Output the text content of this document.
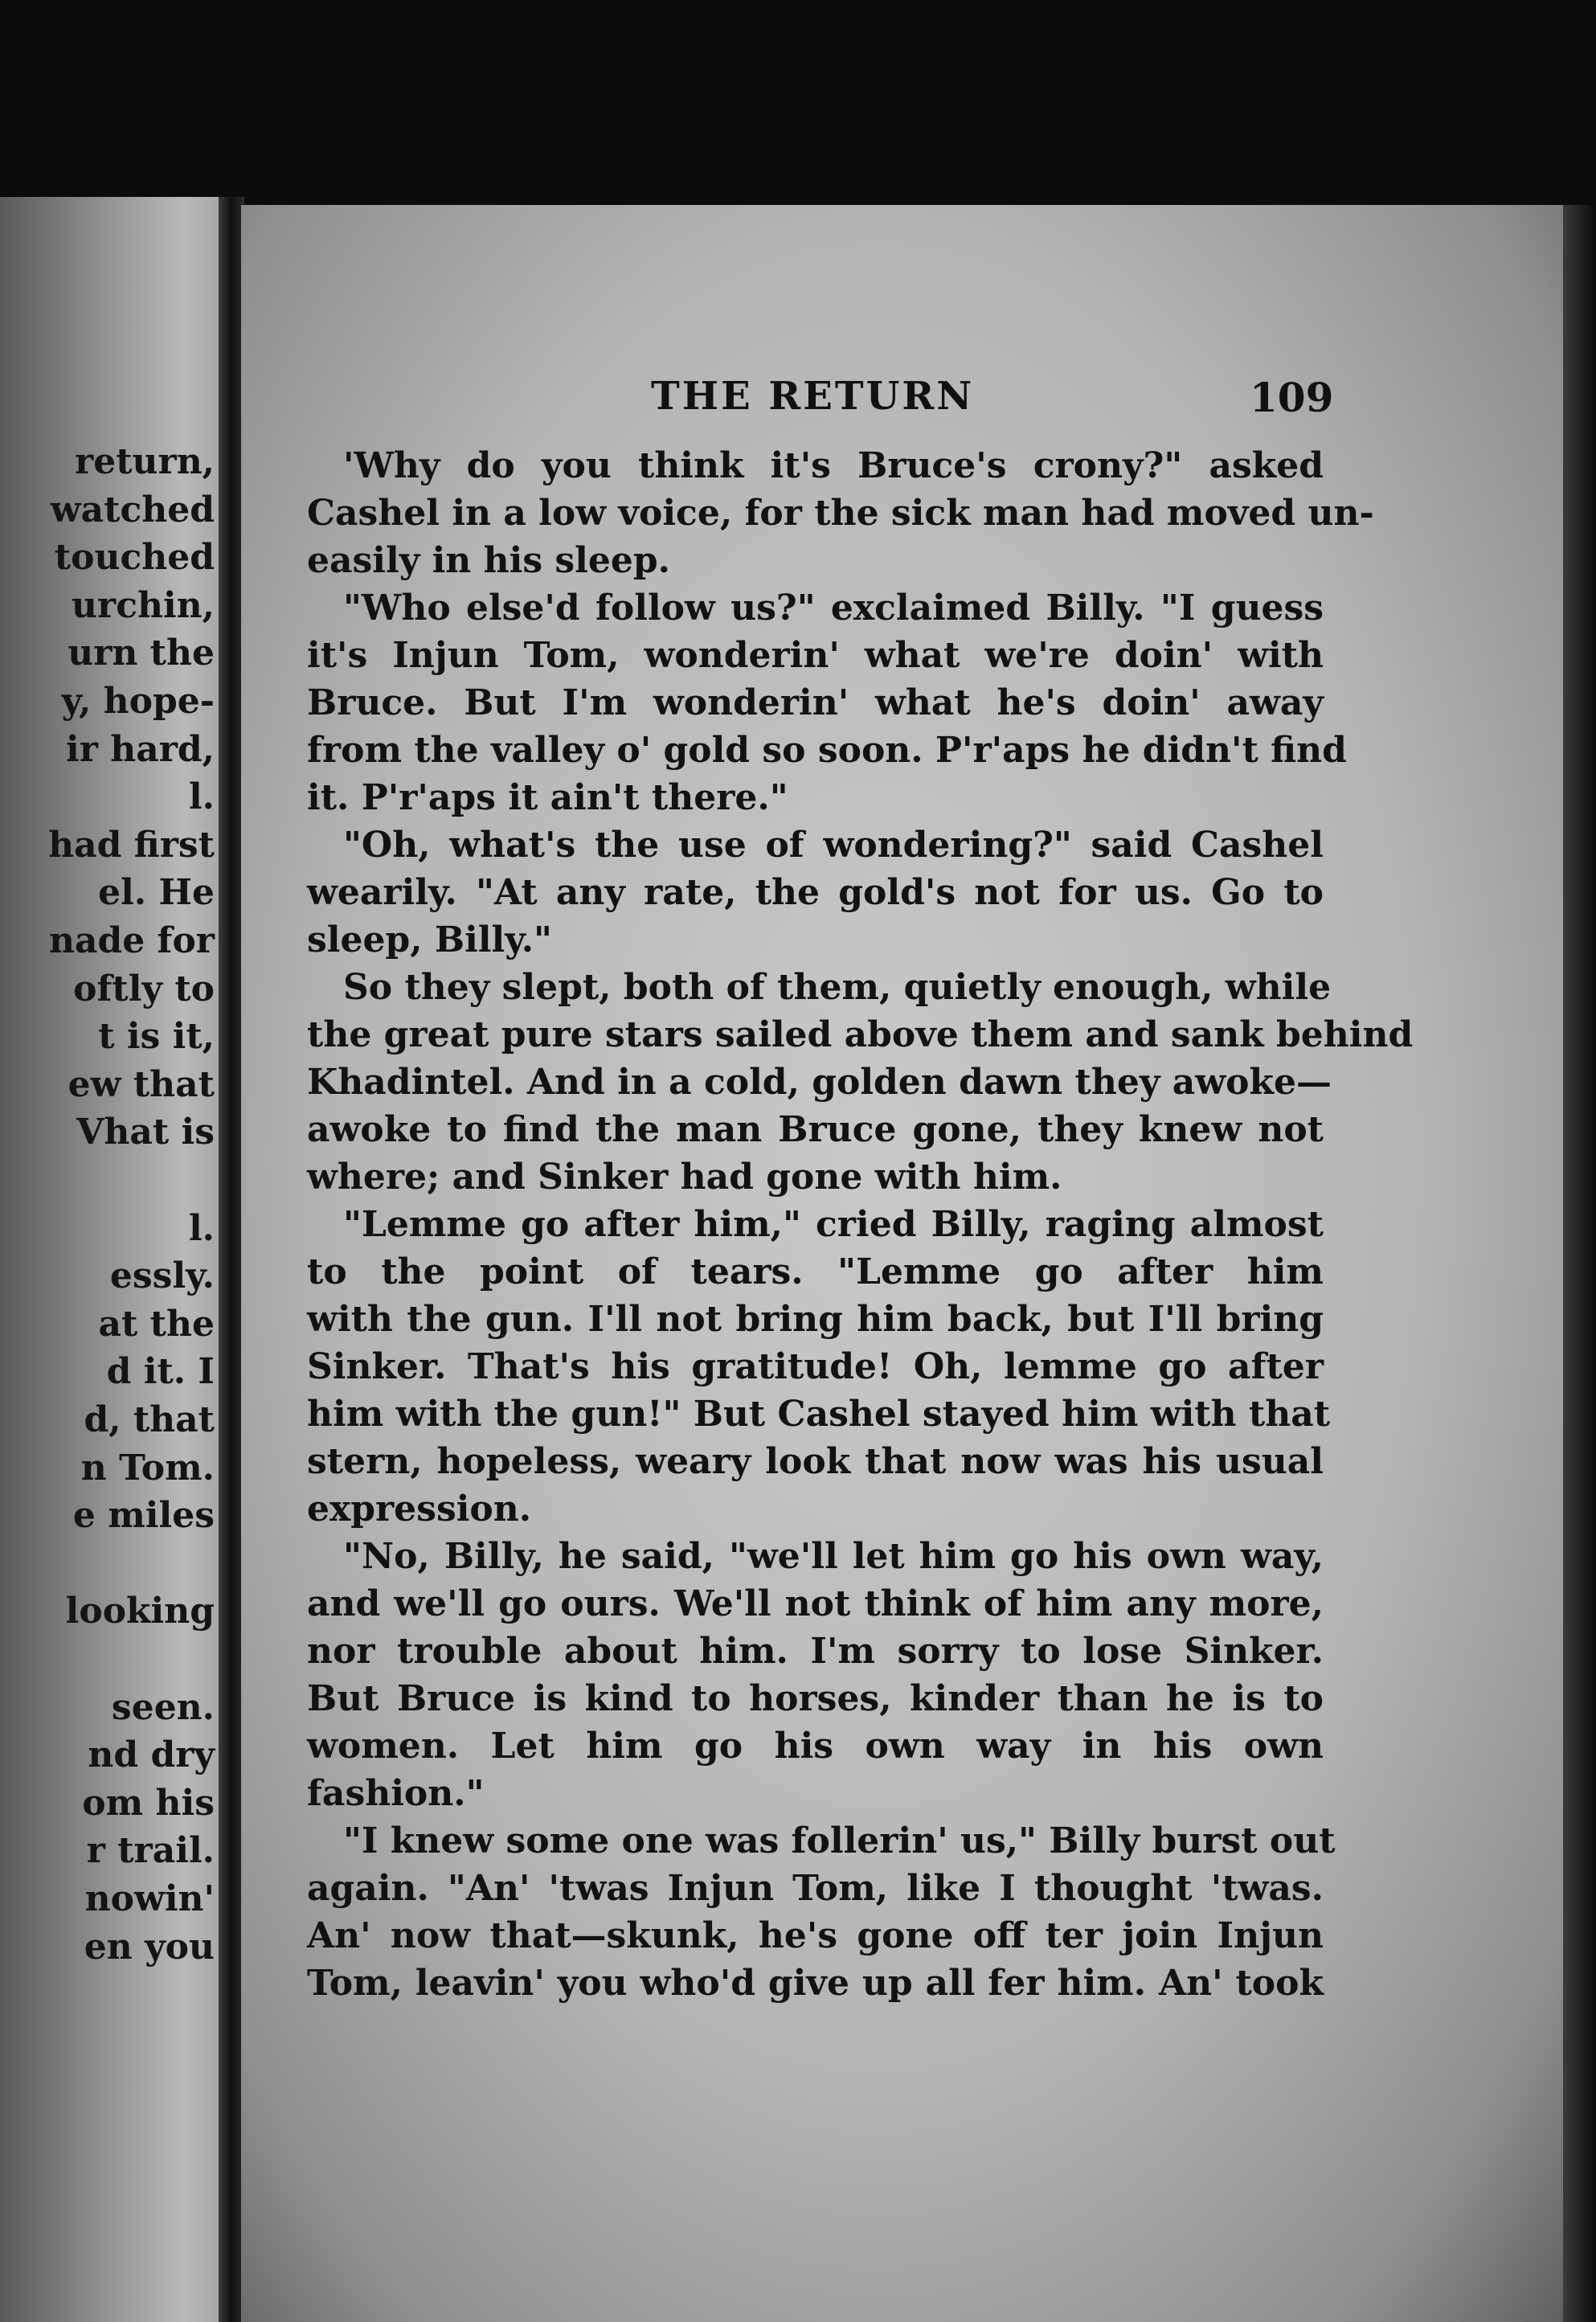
return,
watched
touched
urchin,
urn the
y, hope-
ir hard,
l.
had first
el. He
nade for
oftly to
t is it,
ew that
Vhat is
l.
essly.
at the
d it. I
d, that
n Tom.
e miles
looking
seen.
nd dry
om his
r trail.
nowin'
en you
THE RETURN	109
'Why do you think it's Bruce's crony?" asked
Cashel in a low voice, for the sick man had moved un-
easily in his sleep.
"Who else'd follow us?" exclaimed Billy. "I guess
it's Injun Tom, wonderin' what we're doin' with
Bruce. But I'm wonderin' what he's doin' away
from the valley o' gold so soon. P'r'aps he didn't find
it. P'r'aps it ain't there."
"Oh, what's the use of wondering?" said Cashel
wearily. "At any rate, the gold's not for us. Go to
sleep, Billy."
So they slept, both of them, quietly enough, while
the great pure stars sailed above them and sank behind
Khadintel. And in a cold, golden dawn they awoke—
awoke to find the man Bruce gone, they knew not
where; and Sinker had gone with him.
"Lemme go after him," cried Billy, raging almost
to the point of tears. "Lemme go after him
with the gun. I'll not bring him back, but I'll bring
Sinker. That's his gratitude! Oh, lemme go after
him with the gun!" But Cashel stayed him with that
stern, hopeless, weary look that now was his usual
expression.
"No, Billy, he said, "we'll let him go his own way,
and we'll go ours. We'll not think of him any more,
nor trouble about him. I'm sorry to lose Sinker.
But Bruce is kind to horses, kinder than he is to
women. Let him go his own way in his own
fashion."
"I knew some one was follerin' us," Billy burst out
again. "An' 'twas Injun Tom, like I thought 'twas.
An' now that—skunk, he's gone off ter join Injun
Tom, leavin' you who'd give up all fer him. An' took
